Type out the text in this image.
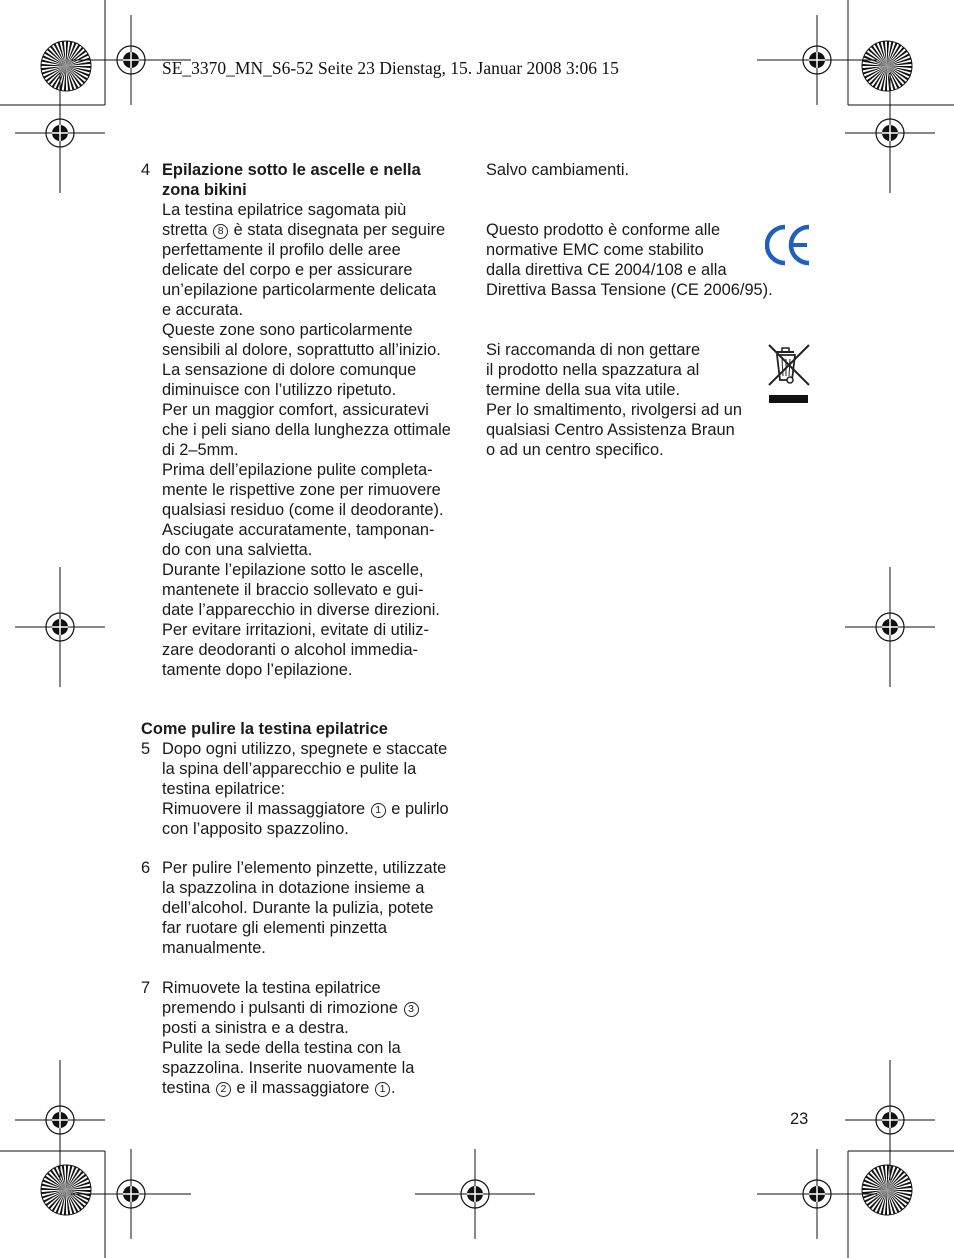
SE_3370_MN_S6-52 Seite 23 Dienstag, 15. Januar 2008 3:06 15
4 Epilazione sotto le ascelle e nella
zona bikini

La testina epilatrice sagomata più
stretta 8 è stata disegnata per seguire
perfettamente il profilo delle aree
delicate del corpo e per assicurare
un’epilazione particolarmente delicata
e accurata.
Queste zone sono particolarmente
sensibili al dolore, soprattutto all’inizio.
La sensazione di dolore comunque
diminuisce con l’utilizzo ripetuto.
Per un maggior comfort, assicuratevi
che i peli siano della lunghezza ottimale
di 2–5mm.
Prima dell’epilazione pulite completa-
mente le rispettive zone per rimuovere
qualsiasi residuo (come il deodorante).
Asciugate accuratamente, tamponan-
do con una salvietta.
Durante l’epilazione sotto le ascelle,
mantenete il braccio sollevato e gui-
date l’apparecchio in diverse direzioni.
Per evitare irritazioni, evitate di utiliz-
zare deodoranti o alcohol immedia-
tamente dopo l’epilazione.

Come pulire la testina epilatrice
5 Dopo ogni utilizzo, spegnete e staccate
la spina dell’apparecchio e pulite la
testina epilatrice:
Rimuovere il massaggiatore 1 e pulirlo
con l’apposito spazzolino.

6 Per pulire l’elemento pinzette, utilizzate
la spazzolina in dotazione insieme a
dell’alcohol. Durante la pulizia, potete
far ruotare gli elementi pinzetta
manualmente.

7 Rimuovete la testina epilatrice
premendo i pulsanti di rimozione 3
posti a sinistra e a destra.
Pulite la sede della testina con la
spazzolina. Inserite nuovamente la
testina 2 e il massaggiatore 1 .

Salvo cambiamenti.

Questo prodotto è conforme alle
normative EMC come stabilito
dalla direttiva CE 2004/108 e alla
Direttiva Bassa Tensione (CE 2006/95).

Si raccomanda di non gettare
il prodotto nella spazzatura al
termine della sua vita utile.
Per lo smaltimento, rivolgersi ad un
qualsiasi Centro Assistenza Braun
o ad un centro specifico.

23
